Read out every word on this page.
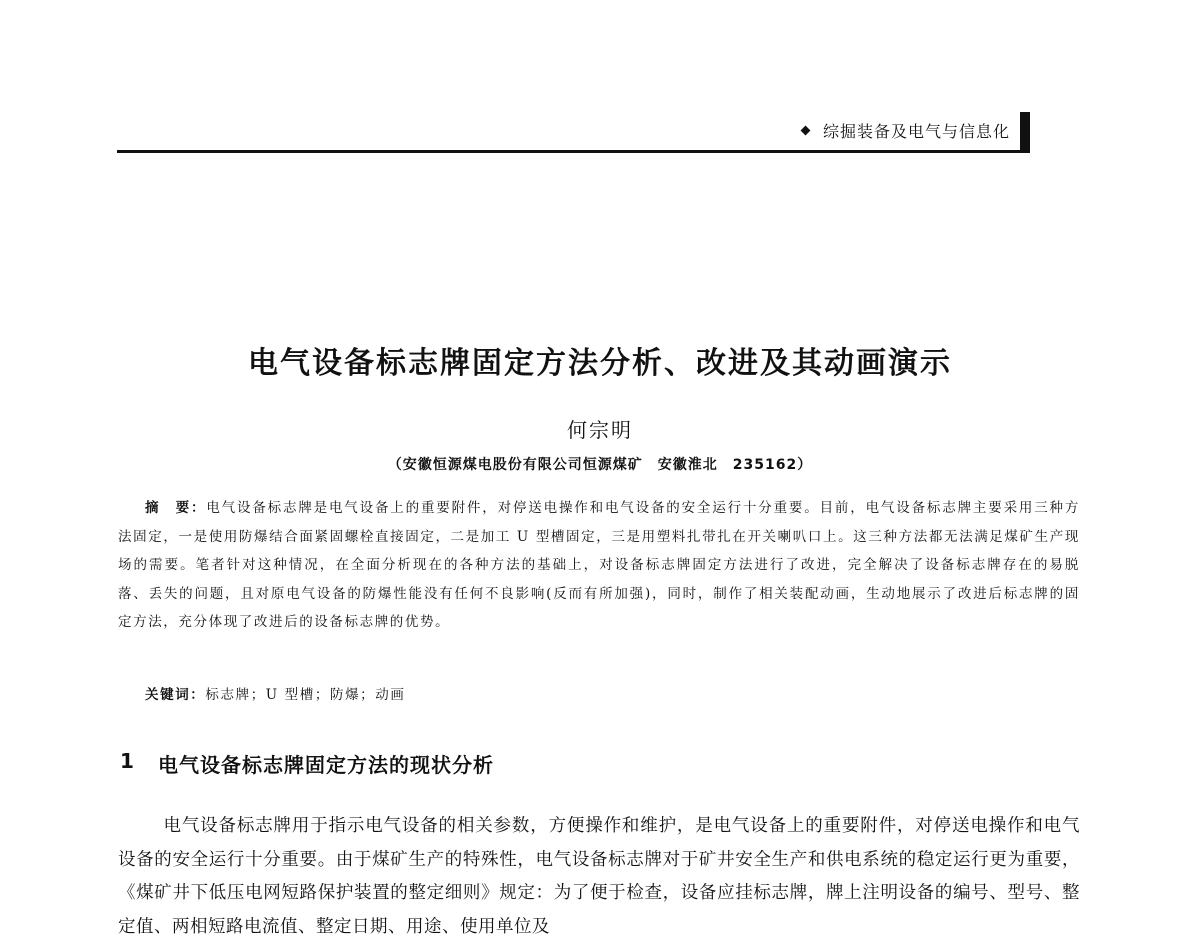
综掘装备及电气与信息化
电气设备标志牌固定方法分析、改进及其动画演示
何宗明
（安徽恒源煤电股份有限公司恒源煤矿　安徽淮北　235162）
摘　要：电气设备标志牌是电气设备上的重要附件，对停送电操作和电气设备的安全运行十分重要。目前，电气设备标志牌主要采用三种方法固定，一是使用防爆结合面紧固螺栓直接固定，二是加工 U 型槽固定，三是用塑料扎带扎在开关喇叭口上。这三种方法都无法满足煤矿生产现场的需要。笔者针对这种情况，在全面分析现在的各种方法的基础上，对设备标志牌固定方法进行了改进，完全解决了设备标志牌存在的易脱落、丢失的问题，且对原电气设备的防爆性能没有任何不良影响(反而有所加强)，同时，制作了相关装配动画，生动地展示了改进后标志牌的固定方法，充分体现了改进后的设备标志牌的优势。
关键词：标志牌；U 型槽；防爆；动画
1	电气设备标志牌固定方法的现状分析
电气设备标志牌用于指示电气设备的相关参数，方便操作和维护，是电气设备上的重要附件，对停送电操作和电气设备的安全运行十分重要。由于煤矿生产的特殊性，电气设备标志牌对于矿井安全生产和供电系统的稳定运行更为重要，《煤矿井下低压电网短路保护装置的整定细则》规定：为了便于检查，设备应挂标志牌，牌上注明设备的编号、型号、整定值、两相短路电流值、整定日期、用途、使用单位及
